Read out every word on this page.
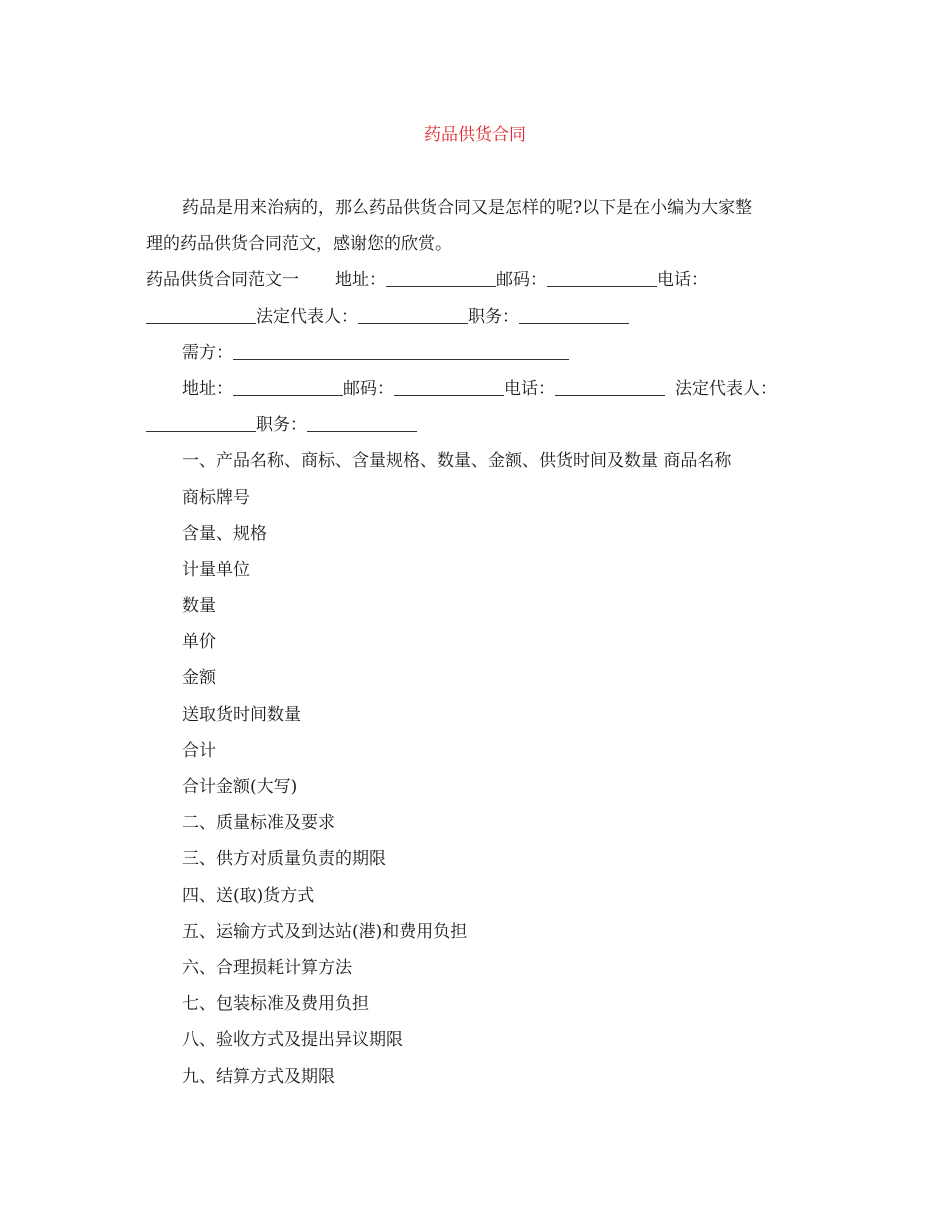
药品供货合同
药品是用来治病的，那么药品供货合同又是怎样的呢?以下是在小编为大家整
理的药品供货合同范文，感谢您的欣赏。
药品供货合同范文一 地址：	邮码：	电话：
法定代表人：	职务：
需方：
地址：	邮码：	电话：	法定代表人：
职务：
一、产品名称、商标、含量规格、数量、金额、供货时间及数量 商品名称
商标牌号
含量、规格
计量单位
数量
单价
金额
送取货时间数量
合计
合计金额(大写)
二、质量标准及要求
三、供方对质量负责的期限
四、送(取)货方式
五、运输方式及到达站(港)和费用负担
六、合理损耗计算方法
七、包装标准及费用负担
八、验收方式及提出异议期限
九、结算方式及期限
